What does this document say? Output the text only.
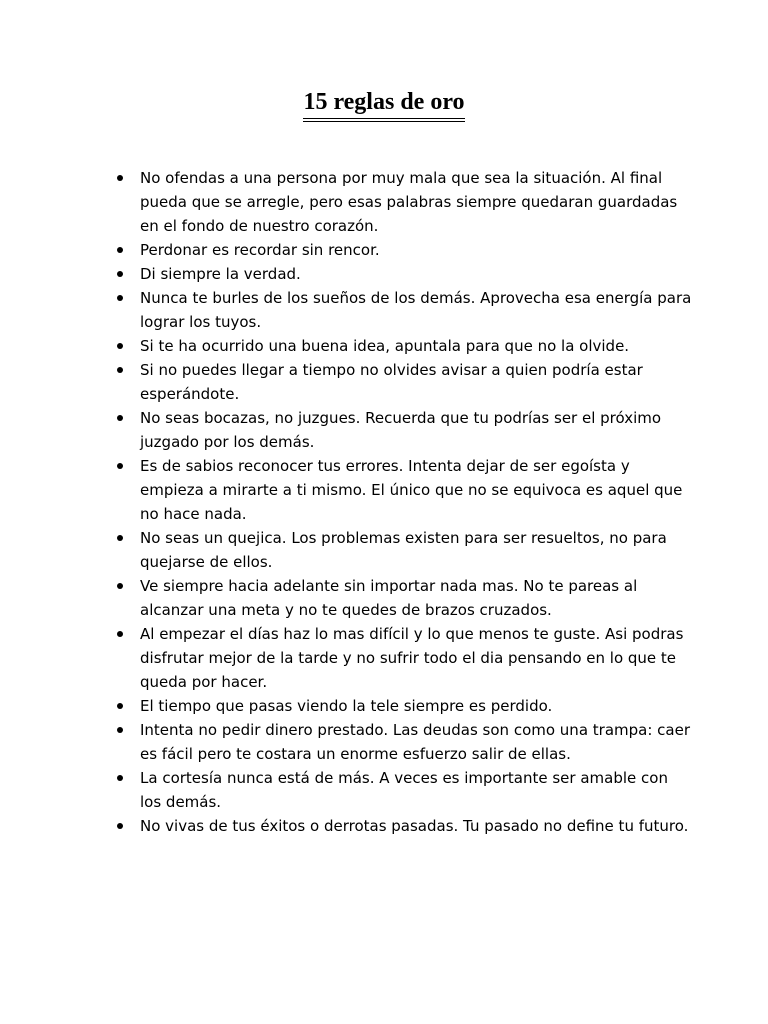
15 reglas de oro
No ofendas a una persona por muy mala que sea la situación. Al final pueda que se arregle, pero esas palabras siempre quedaran guardadas en el fondo de nuestro corazón.
Perdonar es recordar sin rencor.
Di siempre la verdad.
Nunca te burles de los sueños de los demás. Aprovecha esa energía para lograr los tuyos.
Si te ha ocurrido una buena idea, apuntala para que no la olvide.
Si no puedes llegar a tiempo no olvides avisar a quien podría estar esperándote.
No seas bocazas, no juzgues. Recuerda que tu podrías ser el próximo juzgado por los demás.
Es de sabios reconocer tus errores. Intenta dejar de ser egoísta y empieza a mirarte a ti mismo. El único que no se equivoca es aquel que no hace nada.
No seas un quejica. Los problemas existen para ser resueltos, no para quejarse de ellos.
Ve siempre hacia adelante sin importar nada mas. No te pareas al alcanzar una meta y no te quedes de brazos cruzados.
Al empezar el días haz lo mas difícil y lo que menos te guste. Asi podras disfrutar mejor de la tarde y no sufrir todo el dia pensando en lo que te queda por hacer.
El tiempo que pasas viendo la tele siempre es perdido.
Intenta no pedir dinero prestado. Las deudas son como una trampa: caer es fácil pero te costara un enorme esfuerzo salir de ellas.
La cortesía nunca está de más. A veces es importante ser amable con los demás.
No vivas de tus éxitos o derrotas pasadas. Tu pasado no define tu futuro.
